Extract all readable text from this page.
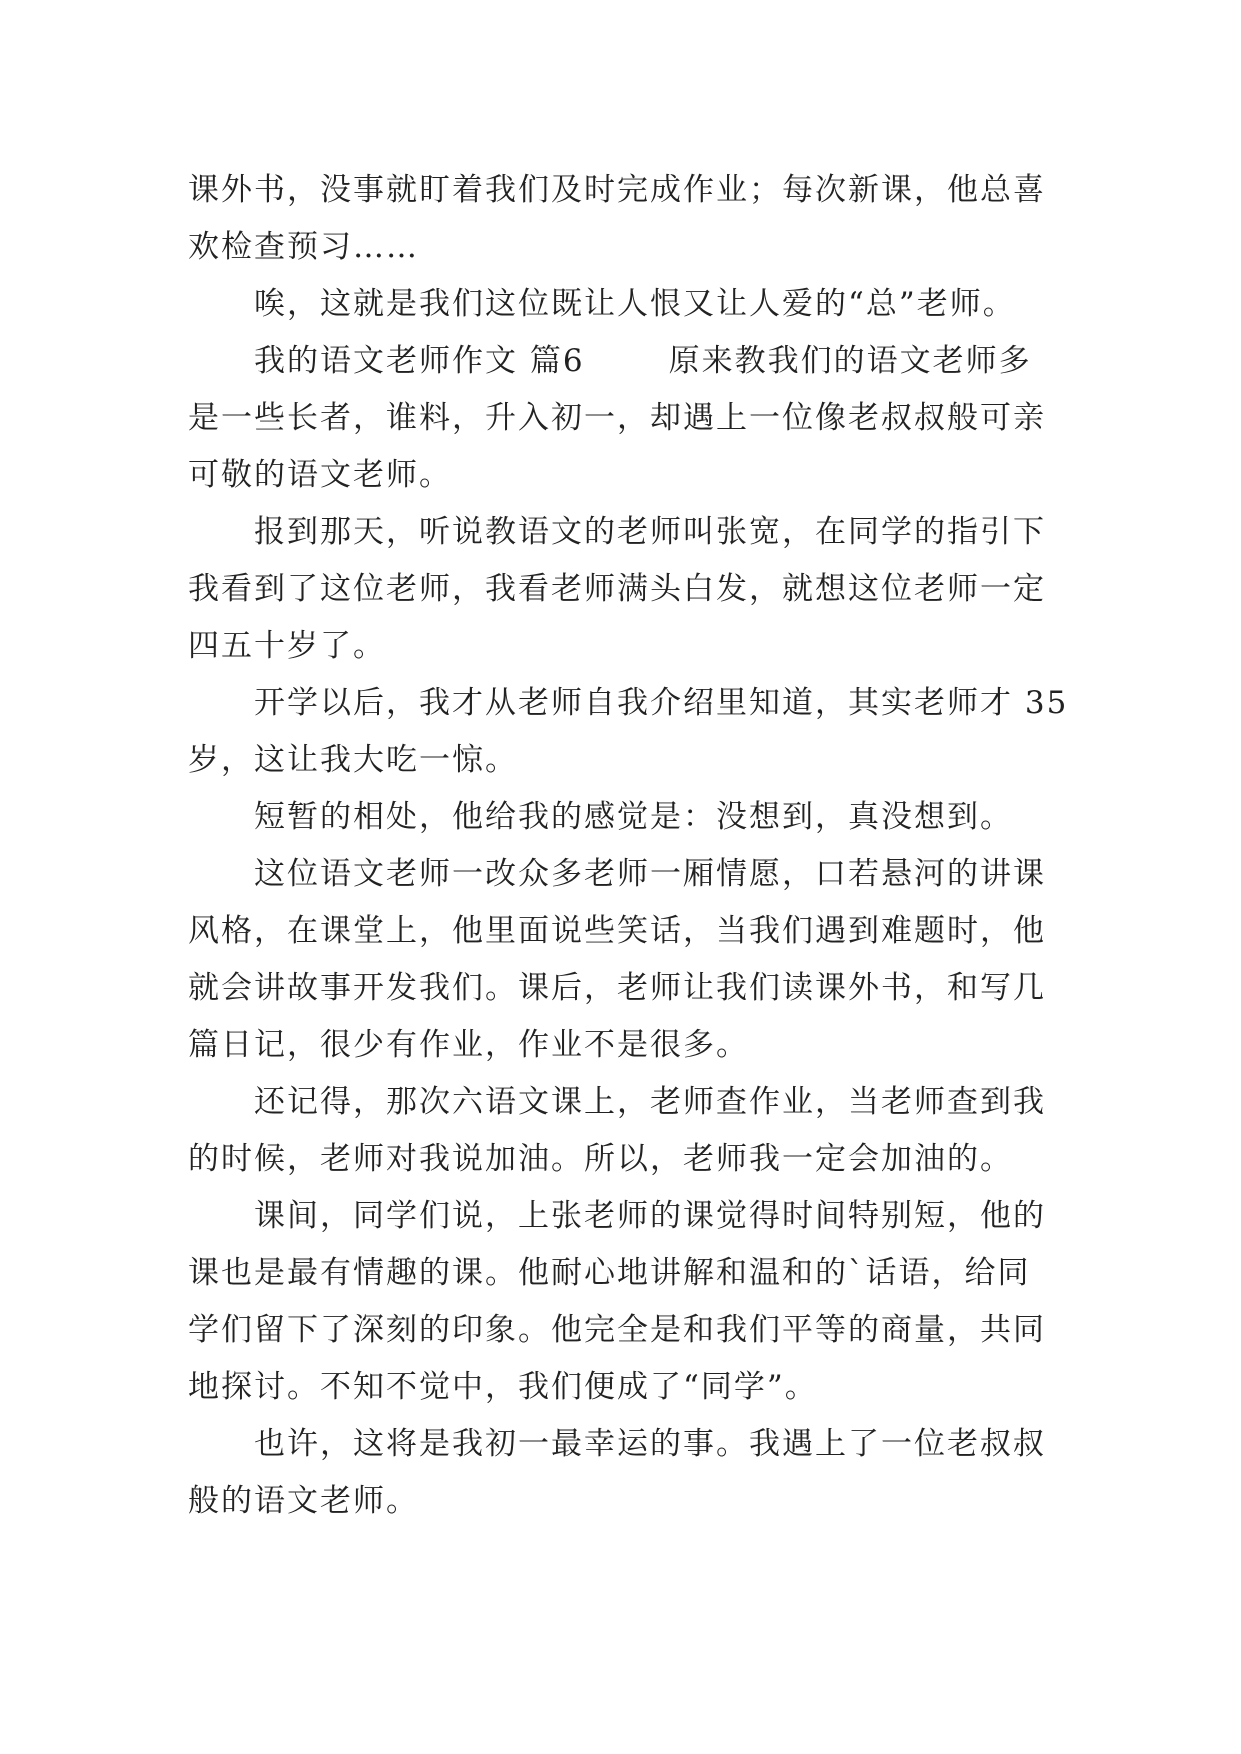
课外书，没事就盯着我们及时完成作业；每次新课，他总喜
欢检查预习……
唉，这就是我们这位既让人恨又让人爱的“总”老师。
我的语文老师作文 篇6	原来教我们的语文老师多
是一些长者，谁料，升入初一，却遇上一位像老叔叔般可亲
可敬的语文老师。
报到那天，听说教语文的老师叫张宽，在同学的指引下
我看到了这位老师，我看老师满头白发，就想这位老师一定
四五十岁了。
开学以后，我才从老师自我介绍里知道，其实老师才 35
岁，这让我大吃一惊。
短暂的相处，他给我的感觉是：没想到，真没想到。
这位语文老师一改众多老师一厢情愿，口若悬河的讲课
风格，在课堂上，他里面说些笑话，当我们遇到难题时，他
就会讲故事开发我们。课后，老师让我们读课外书，和写几
篇日记，很少有作业，作业不是很多。
还记得，那次六语文课上，老师查作业，当老师查到我
的时候，老师对我说加油。所以，老师我一定会加油的。
课间，同学们说，上张老师的课觉得时间特别短，他的
课也是最有情趣的课。他耐心地讲解和温和的`话语，给同
学们留下了深刻的印象。他完全是和我们平等的商量，共同
地探讨。不知不觉中，我们便成了“同学”。
也许，这将是我初一最幸运的事。我遇上了一位老叔叔
般的语文老师。
